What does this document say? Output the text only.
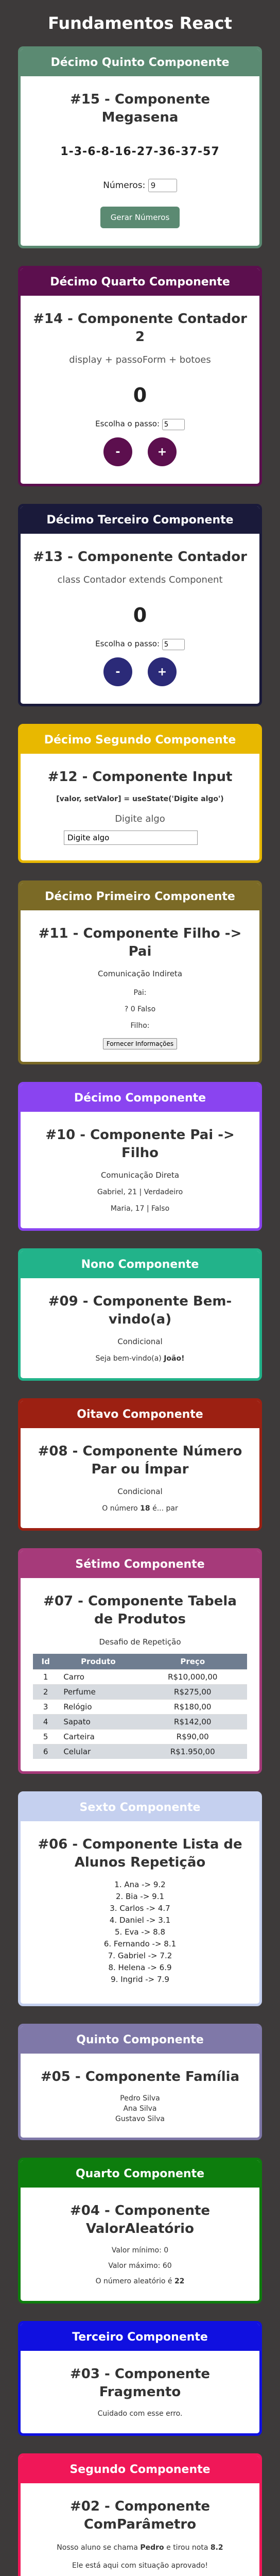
Fundamentos React
Décimo Quinto Componente
#15 - Componente Megasena
1-3-6-8-16-27-36-37-57
Números: 9
Gerar Números
Décimo Quarto Componente
#14 - Componente Contador 2
display + passoForm + botoes
0
Escolha o passo: 5
-	+
Décimo Terceiro Componente
#13 - Componente Contador
class Contador extends Component
0
Escolha o passo: 5
-	+
Décimo Segundo Componente
#12 - Componente Input
[valor, setValor] = useState('Digite algo')
Digite algo
Digite algo
Décimo Primeiro Componente
#11 - Componente Filho -> Pai
Comunicação Indireta
Pai:
? 0 Falso
Filho:
Fornecer Informações
Décimo Componente
#10 - Componente Pai -> Filho
Comunicação Direta
Gabriel, 21 | Verdadeiro
Maria, 17 | Falso
Nono Componente
#09 - Componente Bem-vindo(a)
Condicional
Seja bem-vindo(a) João!
Oitavo Componente
#08 - Componente Número Par ou Ímpar
Condicional
O número 18 é... par
Sétimo Componente
#07 - Componente Tabela de Produtos
Desafio de Repetição
Id	Produto	Preço
1	Carro	R$10,000,00
2	Perfume	R$275,00
3	Relógio	R$180,00
4	Sapato	R$142,00
5	Carteira	R$90,00
6	Celular	R$1.950,00
Sexto Componente
#06 - Componente Lista de Alunos Repetição
1. Ana -> 9.2
2. Bia -> 9.1
3. Carlos -> 4.7
4. Daniel -> 3.1
5. Eva -> 8.8
6. Fernando -> 8.1
7. Gabriel -> 7.2
8. Helena -> 6.9
9. Ingrid -> 7.9
Quinto Componente
#05 - Componente Família
Pedro Silva
Ana Silva
Gustavo Silva
Quarto Componente
#04 - Componente ValorAleatório
Valor mínimo: 0
Valor máximo: 60
O número aleatório é 22
Terceiro Componente
#03 - Componente Fragmento
Cuidado com esse erro.
Segundo Componente
#02 - Componente ComParâmetro
Nosso aluno se chama Pedro e tirou nota 8.2
Ele está aqui com situação aprovado!
